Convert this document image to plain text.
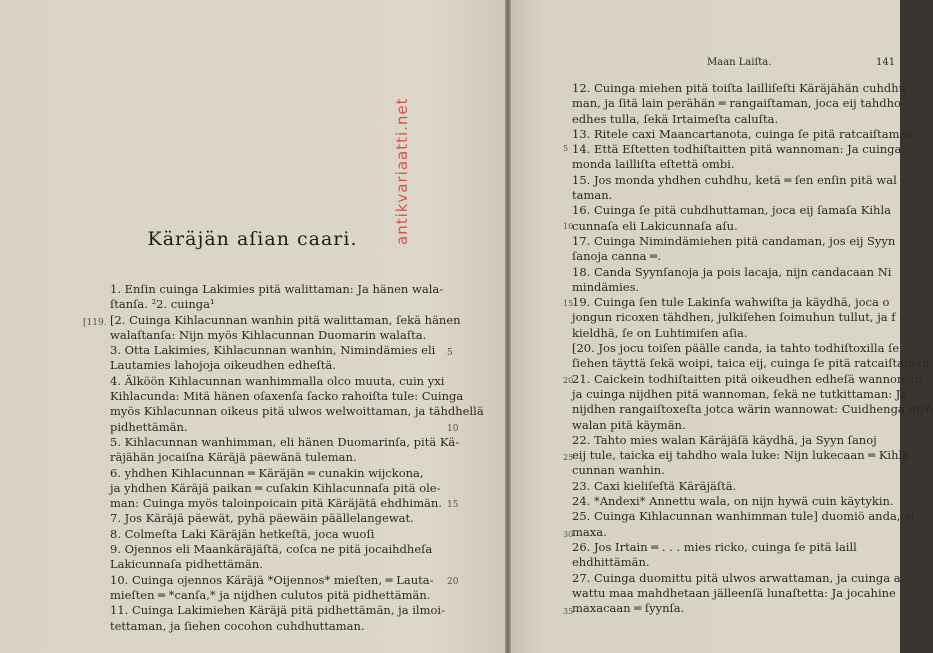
Käräjän aſian caari.
1. Enſin cuinga Lakimies pitä walittaman: Ja hänen wala-
ſtanſa. ²2. cuinga¹
[2. Cuinga Kihlacunnan wanhin pitä walittaman, ſekä hänen
walaſtanſa: Nijn myös Kihlacunnan Duomarin walaſta.
3. Otta Lakimies, Kihlacunnan wanhin, Nimindämies eli
Lautamies lahojoja oikeudhen edheſtä.
4. Älköön Kihlacunnan wanhimmalla olco muuta, cuin yxi
Kihlacunda: Mitä hänen oſaxenſa ſacko rahoiſta tule: Cuinga
myös Kihlacunnan oikeus pitä ulwos welwoittaman, ja tähdhellä
pidhettämän.
5. Kihlacunnan wanhimman, eli hänen Duomarinſa, pitä Kä-
räjähän jocaiſna Käräjä päewänä tuleman.
6. yhdhen Kihlacunnan ═ Käräjän ═ cunakin wijckona,
ja yhdhen Käräjä paikan ═ cuſakin Kihlacunnaſa pitä ole-
man: Cuinga myös taloinpoicain pitä Käräjätä ehdhimän.
7. Jos Käräjä päewät, pyhä päewäin päällelangewat.
8. Colmeſta Laki Käräjän hetkeſtä, joca wuoſi
9. Ojennos eli Maankäräjäſtä, coſca ne pitä jocaihdheſa
Lakicunnaſa pidhettämän.
10. Cuinga ojennos Käräjä *Oijennos* mieſten, ═ Lauta-
mieſten ═ *canſa,* ja nijdhen culutos pitä pidhettämän.
11. Cuinga Lakimiehen Käräjä pitä pidhettämän, ja ilmoi-
tettaman, ja ſiehen cocohon cuhdhuttaman.
[119.
5
10
15
20
Maan Laiſta.	141
12. Cuinga miehen pitä toiſta lailliſeſti Käräjähän cuhdhu
man, ja ſitä lain perähän ═ rangaiſtaman, joca eij tahdho
edhes tulla, ſekä Irtaimeſta caluſta.
13. Ritele caxi Maancartanota, cuinga ſe pitä ratcaiſtaman
14. Että Eſtetten todhiſtaitten pitä wannoman: Ja cuinga
monda lailliſta eſtettä ombi.
15. Jos monda yhdhen cuhdhu, ketä ═ ſen enſin pitä wal
taman.
16. Cuinga ſe pitä cuhdhuttaman, joca eij ſamaſa Kihla
cunnaſa eli Lakicunnaſa aſu.
17. Cuinga Nimindämiehen pitä candaman, jos eij Syyn
ſanoja canna ═.
18. Canda Syynſanoja ja pois lacaja, nijn candacaan Ni
mindämies.
19. Cuinga ſen tule Lakinſa wahwiſta ja käydhä, joca o
jongun ricoxen tähdhen, julkiſehen ſoimuhun tullut, ja f
kieldhä, ſe on Luhtimiſen aſia.
[20. Jos jocu toiſen päälle canda, ia tahto todhiſtoxilla ſe
ſiehen täyttä ſekä woipi, taica eij, cuinga ſe pitä ratcaiſtaman
21. Caickein todhiſtaitten pitä oikeudhen edheſä wannoman
ja cuinga nijdhen pitä wannoman, ſekä ne tutkittaman: Ja
nijdhen rangaiſtoxeſta jotca wärin wannowat: Cuidhenga myö
walan pitä käymän.
22. Tahto mies walan Käräjäſä käydhä, ja Syyn ſanoj
eij tule, taicka eij tahdho wala luke: Nijn lukecaan ═ Kihla
cunnan wanhin.
23. Caxi kieliſeſtä Käräjäſtä.
24. *Andexi* Annettu wala, on nijn hywä cuin käytykin.
25. Cuinga Kihlacunnan wanhimman tule] duomiö anda, el
maxa.
26. Jos Irtain ═ . . . mies ricko, cuinga ſe pitä laill
ehdhittämän.
27. Cuinga duomittu pitä ulwos arwattaman, ja cuinga a
wattu maa mahdhetaan jälleenſä lunaſtetta: Ja jocahine
maxacaan ═ ſyynſa.
5
10
15
20
25
30
35
antikvariaatti.net
